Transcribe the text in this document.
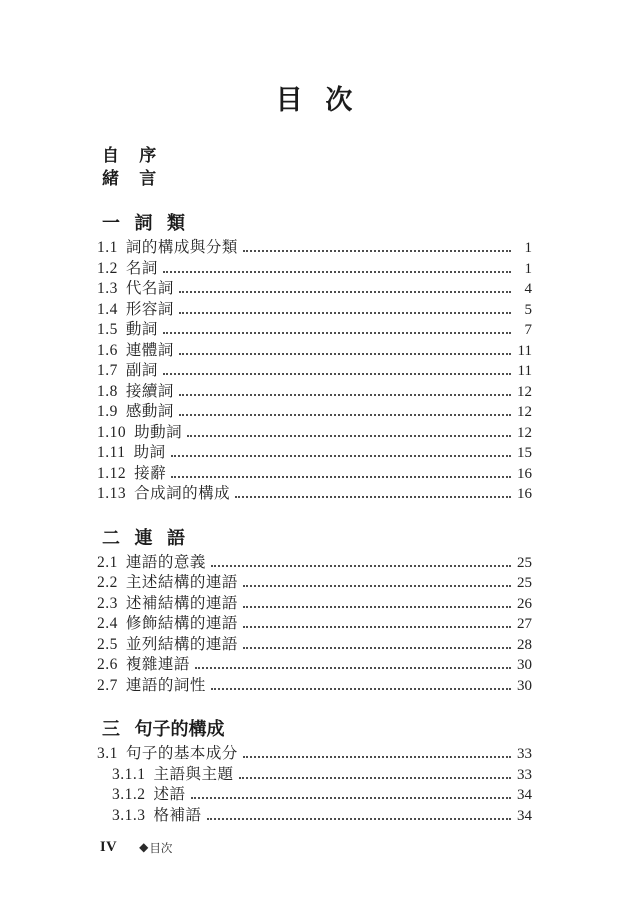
目 次
自 序
緒 言
一 詞 類
1.1 詞的構成與分類	1
1.2 名詞	1
1.3 代名詞	4
1.4 形容詞	5
1.5 動詞	7
1.6 連體詞	11
1.7 副詞	11
1.8 接續詞	12
1.9 感動詞	12
1.10 助動詞	12
1.11 助詞	15
1.12 接辭	16
1.13 合成詞的構成	16
二 連 語
2.1 連語的意義	25
2.2 主述結構的連語	25
2.3 述補結構的連語	26
2.4 修飾結構的連語	27
2.5 並列結構的連語	28
2.6 複雜連語	30
2.7 連語的詞性	30
三 句子的構成
3.1 句子的基本成分	33
3.1.1 主語與主題	33
3.1.2 述語	34
3.1.3 格補語	34
IV ◆ 目次
